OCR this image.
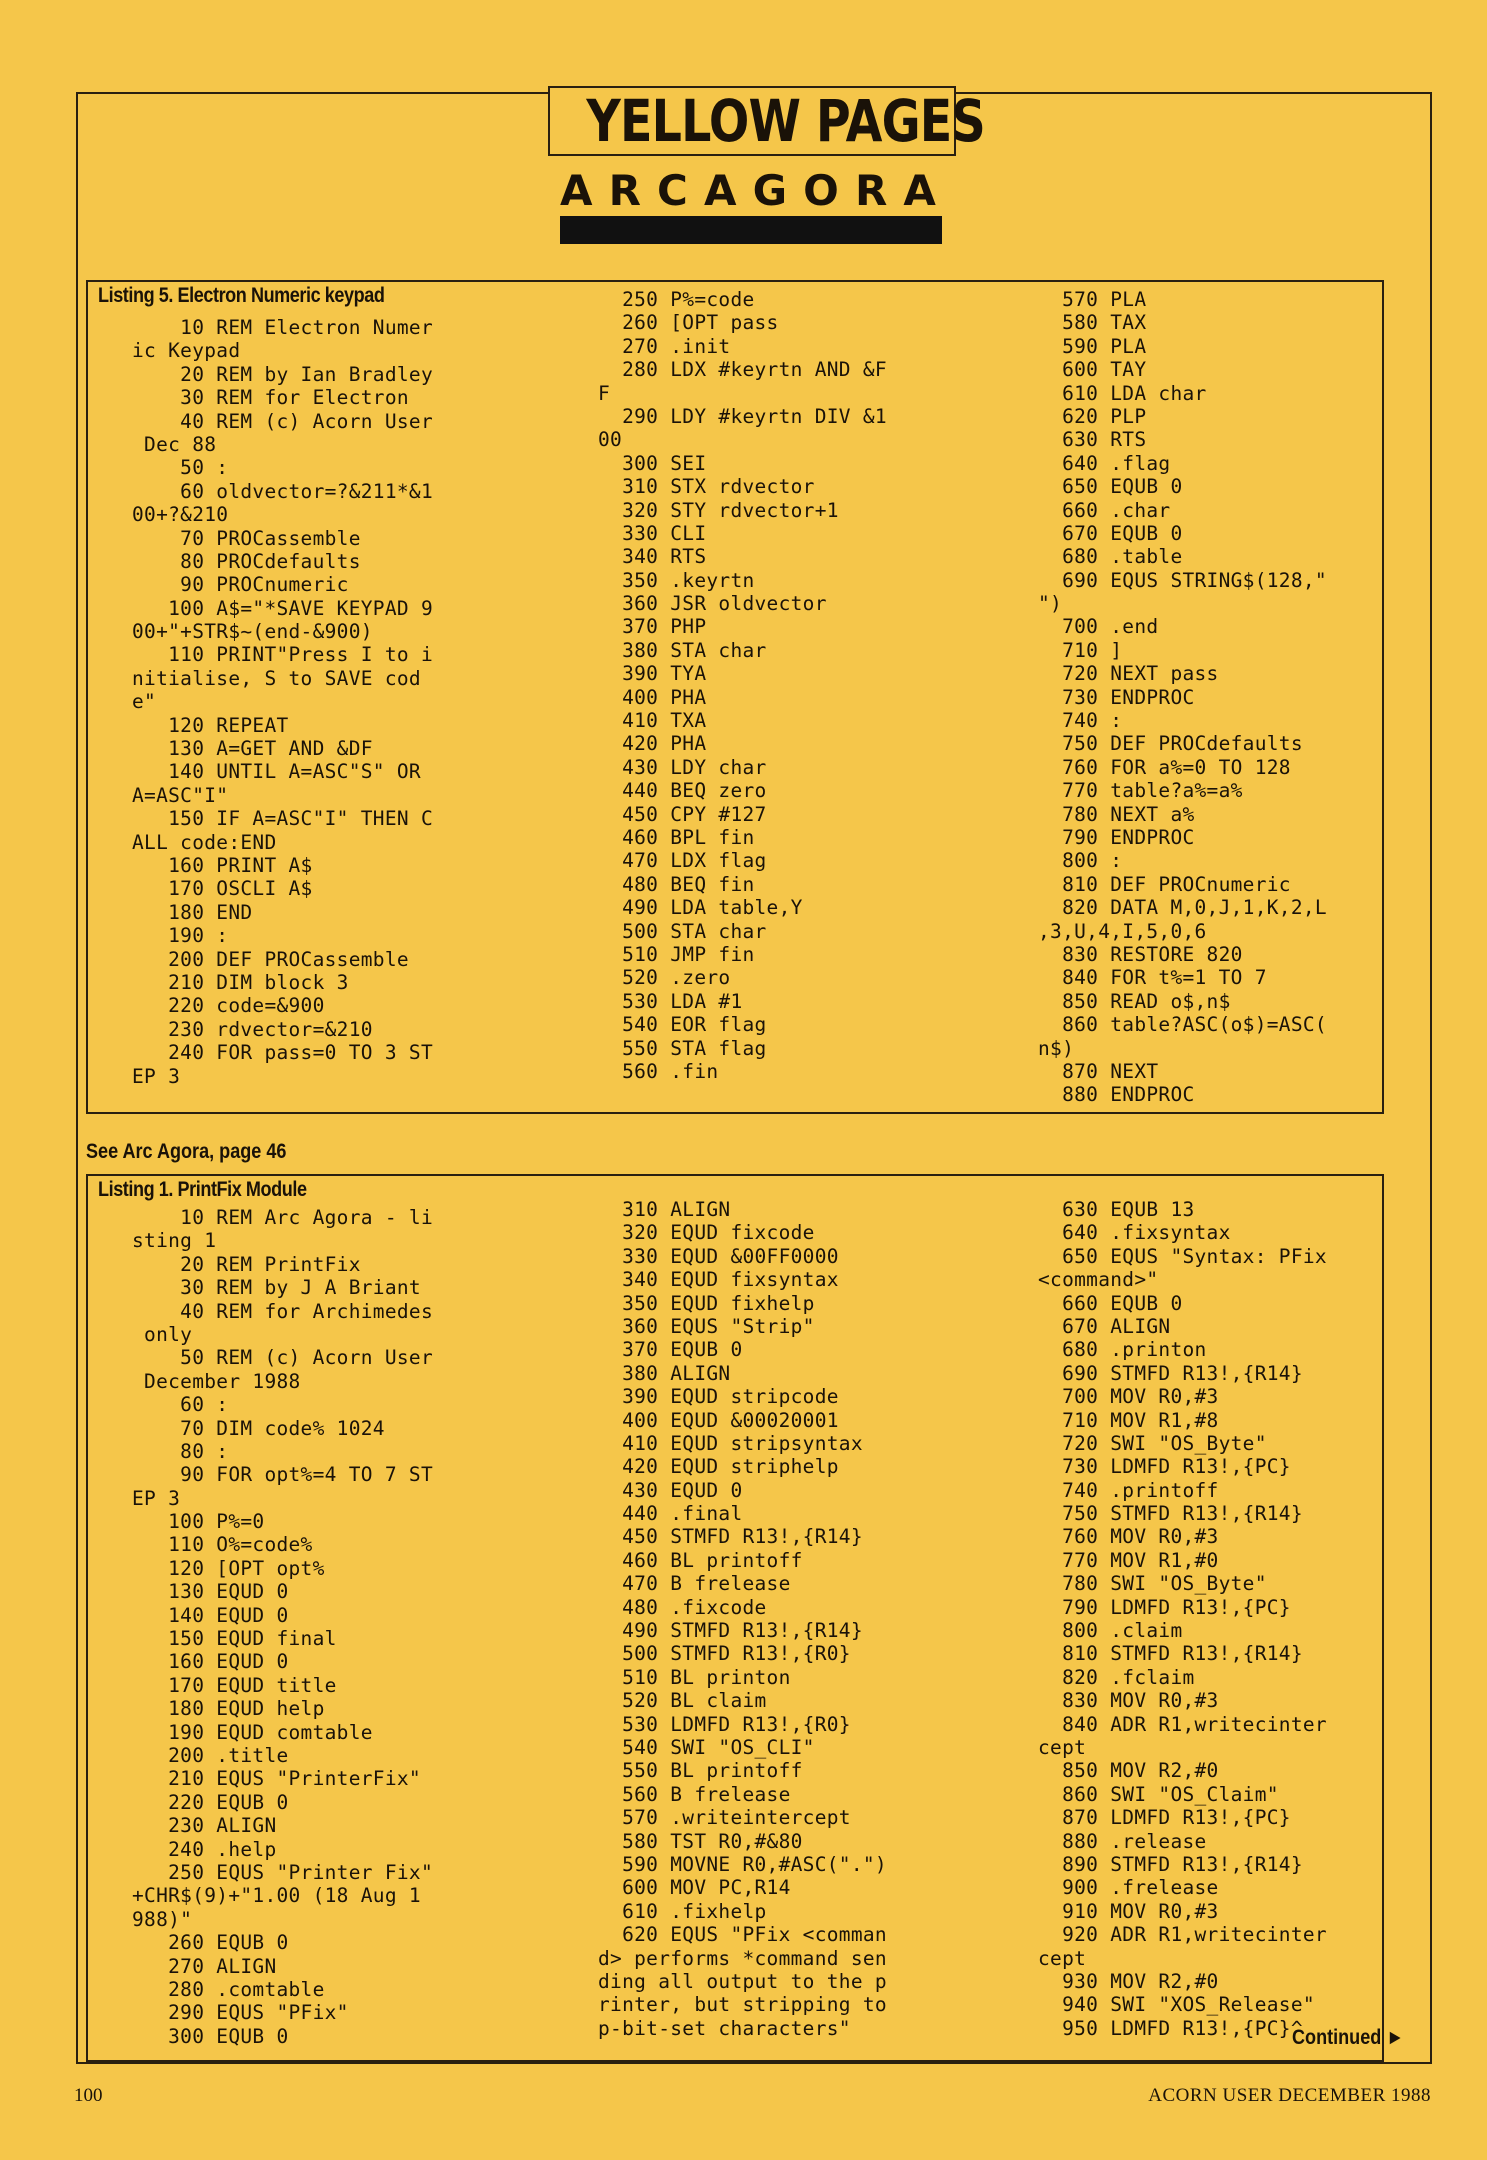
YELLOW PAGES
A R C A G O R A
Listing 5. Electron Numeric keypad
10 REM Electron Numer
ic Keypad
20 REM by Ian Bradley
30 REM for Electron
40 REM (c) Acorn User
Dec 88
50 :
60 oldvector=?&211*&1
00+?&210
70 PROCassemble
80 PROCdefaults
90 PROCnumeric
100 A$="*SAVE KEYPAD 9
00+"+STR$~(end-&900)
110 PRINT"Press I to i
nitialise, S to SAVE cod
e"
120 REPEAT
130 A=GET AND &DF
140 UNTIL A=ASC"S" OR
A=ASC"I"
150 IF A=ASC"I" THEN C
ALL code:END
160 PRINT A$
170 OSCLI A$
180 END
190 :
200 DEF PROCassemble
210 DIM block 3
220 code=&900
230 rdvector=&210
240 FOR pass=0 TO 3 ST
EP 3
250 P%=code
260 [OPT pass
270 .init
280 LDX #keyrtn AND &F
F
290 LDY #keyrtn DIV &1
00
300 SEI
310 STX rdvector
320 STY rdvector+1
330 CLI
340 RTS
350 .keyrtn
360 JSR oldvector
370 PHP
380 STA char
390 TYA
400 PHA
410 TXA
420 PHA
430 LDY char
440 BEQ zero
450 CPY #127
460 BPL fin
470 LDX flag
480 BEQ fin
490 LDA table,Y
500 STA char
510 JMP fin
520 .zero
530 LDA #1
540 EOR flag
550 STA flag
560 .fin
570 PLA
580 TAX
590 PLA
600 TAY
610 LDA char
620 PLP
630 RTS
640 .flag
650 EQUB 0
660 .char
670 EQUB 0
680 .table
690 EQUS STRING$(128,"
")
700 .end
710 ]
720 NEXT pass
730 ENDPROC
740 :
750 DEF PROCdefaults
760 FOR a%=0 TO 128
770 table?a%=a%
780 NEXT a%
790 ENDPROC
800 :
810 DEF PROCnumeric
820 DATA M,0,J,1,K,2,L
,3,U,4,I,5,0,6
830 RESTORE 820
840 FOR t%=1 TO 7
850 READ o$,n$
860 table?ASC(o$)=ASC(
n$)
870 NEXT
880 ENDPROC
See Arc Agora, page 46
Listing 1. PrintFix Module
10 REM Arc Agora - li
sting 1
20 REM PrintFix
30 REM by J A Briant
40 REM for Archimedes
only
50 REM (c) Acorn User
December 1988
60 :
70 DIM code% 1024
80 :
90 FOR opt%=4 TO 7 ST
EP 3
100 P%=0
110 O%=code%
120 [OPT opt%
130 EQUD 0
140 EQUD 0
150 EQUD final
160 EQUD 0
170 EQUD title
180 EQUD help
190 EQUD comtable
200 .title
210 EQUS "PrinterFix"
220 EQUB 0
230 ALIGN
240 .help
250 EQUS "Printer Fix"
+CHR$(9)+"1.00 (18 Aug 1
988)"
260 EQUB 0
270 ALIGN
280 .comtable
290 EQUS "PFix"
300 EQUB 0
310 ALIGN
320 EQUD fixcode
330 EQUD &00FF0000
340 EQUD fixsyntax
350 EQUD fixhelp
360 EQUS "Strip"
370 EQUB 0
380 ALIGN
390 EQUD stripcode
400 EQUD &00020001
410 EQUD stripsyntax
420 EQUD striphelp
430 EQUD 0
440 .final
450 STMFD R13!,{R14}
460 BL printoff
470 B frelease
480 .fixcode
490 STMFD R13!,{R14}
500 STMFD R13!,{R0}
510 BL printon
520 BL claim
530 LDMFD R13!,{R0}
540 SWI "OS_CLI"
550 BL printoff
560 B frelease
570 .writeintercept
580 TST R0,#&80
590 MOVNE R0,#ASC(".")
600 MOV PC,R14
610 .fixhelp
620 EQUS "PFix <comman
d> performs *command sen
ding all output to the p
rinter, but stripping to
p-bit-set characters"
630 EQUB 13
640 .fixsyntax
650 EQUS "Syntax: PFix
<command>"
660 EQUB 0
670 ALIGN
680 .printon
690 STMFD R13!,{R14}
700 MOV R0,#3
710 MOV R1,#8
720 SWI "OS_Byte"
730 LDMFD R13!,{PC}
740 .printoff
750 STMFD R13!,{R14}
760 MOV R0,#3
770 MOV R1,#0
780 SWI "OS_Byte"
790 LDMFD R13!,{PC}
800 .claim
810 STMFD R13!,{R14}
820 .fclaim
830 MOV R0,#3
840 ADR R1,writecinter
cept
850 MOV R2,#0
860 SWI "OS_Claim"
870 LDMFD R13!,{PC}
880 .release
890 STMFD R13!,{R14}
900 .frelease
910 MOV R0,#3
920 ADR R1,writecinter
cept
930 MOV R2,#0
940 SWI "XOS_Release"
950 LDMFD R13!,{PC}^
Continued ►
100	ACORN USER DECEMBER 1988
